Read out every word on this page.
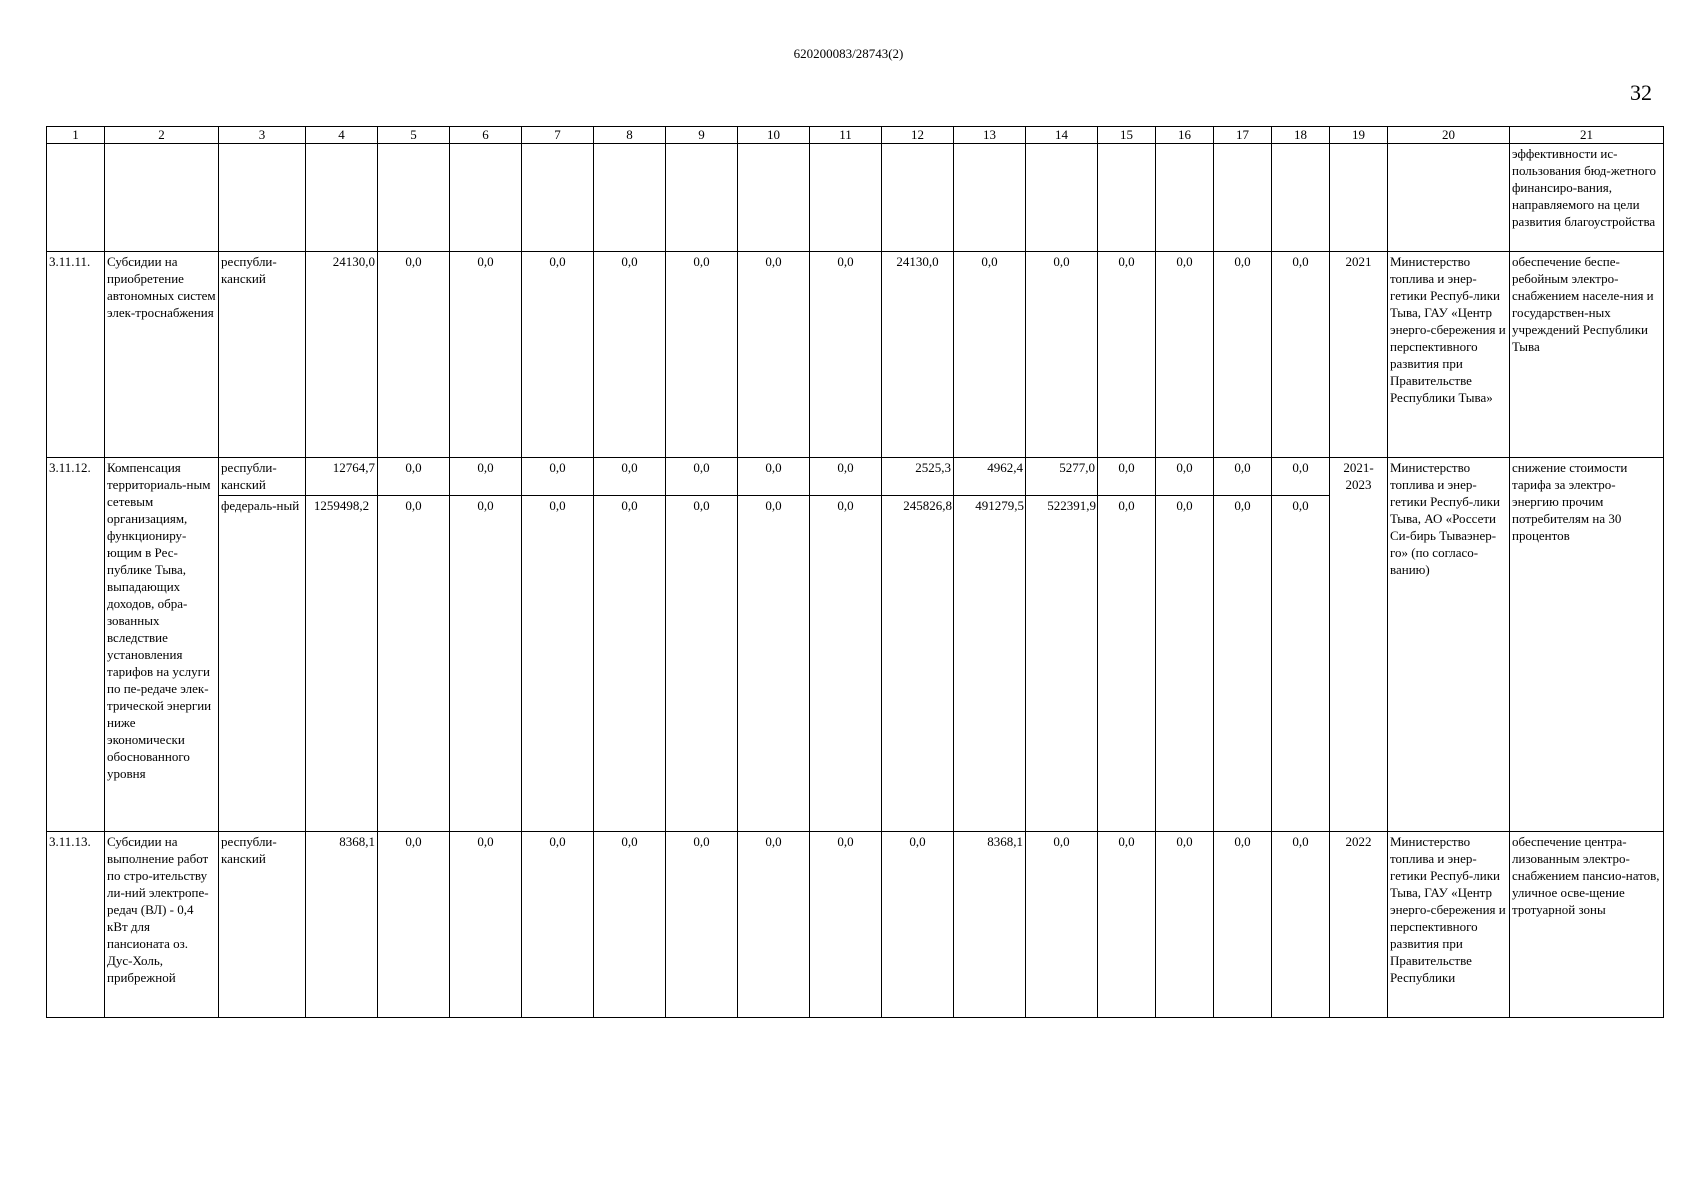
620200083/28743(2)
32
1	2	3	4	5	6	7	8	9	10	11	12	13	14	15	16	17	18	19	20	21
																				эффективности ис-пользования бюд-жетного финансиро-вания, направляемого на цели развития благоустройства
3.11.11.	Субсидии на приобретение автономных систем элек-троснабжения	республи-канский	24130,0	0,0	0,0	0,0	0,0	0,0	0,0	0,0	24130,0	0,0	0,0	0,0	0,0	0,0	0,0	2021	Министерство топлива и энер-гетики Респуб-лики Тыва, ГАУ «Центр энерго-сбережения и перспективного развития при Правительстве Республики Тыва»	обеспечение беспе-ребойным электро-снабжением населе-ния и государствен-ных учреждений Республики Тыва
3.11.12.	Компенсация территориаль-ным сетевым организациям, функциониру-ющим в Рес-публике Тыва, выпадающих доходов, обра-зованных вследствие установления тарифов на услуги по пе-редаче элек-трической энергии ниже экономически обоснованного уровня	республи-канский	12764,7	0,0	0,0	0,0	0,0	0,0	0,0	0,0	2525,3	4962,4	5277,0	0,0	0,0	0,0	0,0	2021-2023	Министерство топлива и энер-гетики Респуб-лики Тыва, АО «Россети Си-бирь Тываэнер-го» (по согласо-ванию)	снижение стоимости тарифа за электро-энергию прочим потребителям на 30 процентов
		федераль-ный	1259498,2	0,0	0,0	0,0	0,0	0,0	0,0	0,0	245826,8	491279,5	522391,9	0,0	0,0	0,0	0,0			
3.11.13.	Субсидии на выполнение работ по стро-ительству ли-ний электропе-редач (ВЛ) - 0,4 кВт для пансионата оз. Дус-Холь, прибрежной	республи-канский	8368,1	0,0	0,0	0,0	0,0	0,0	0,0	0,0	0,0	8368,1	0,0	0,0	0,0	0,0	0,0	2022	Министерство топлива и энер-гетики Респуб-лики Тыва, ГАУ «Центр энерго-сбережения и перспективного развития при Правительстве Республики	обеспечение центра-лизованным электро-снабжением пансио-натов, уличное осве-щение тротуарной зоны
